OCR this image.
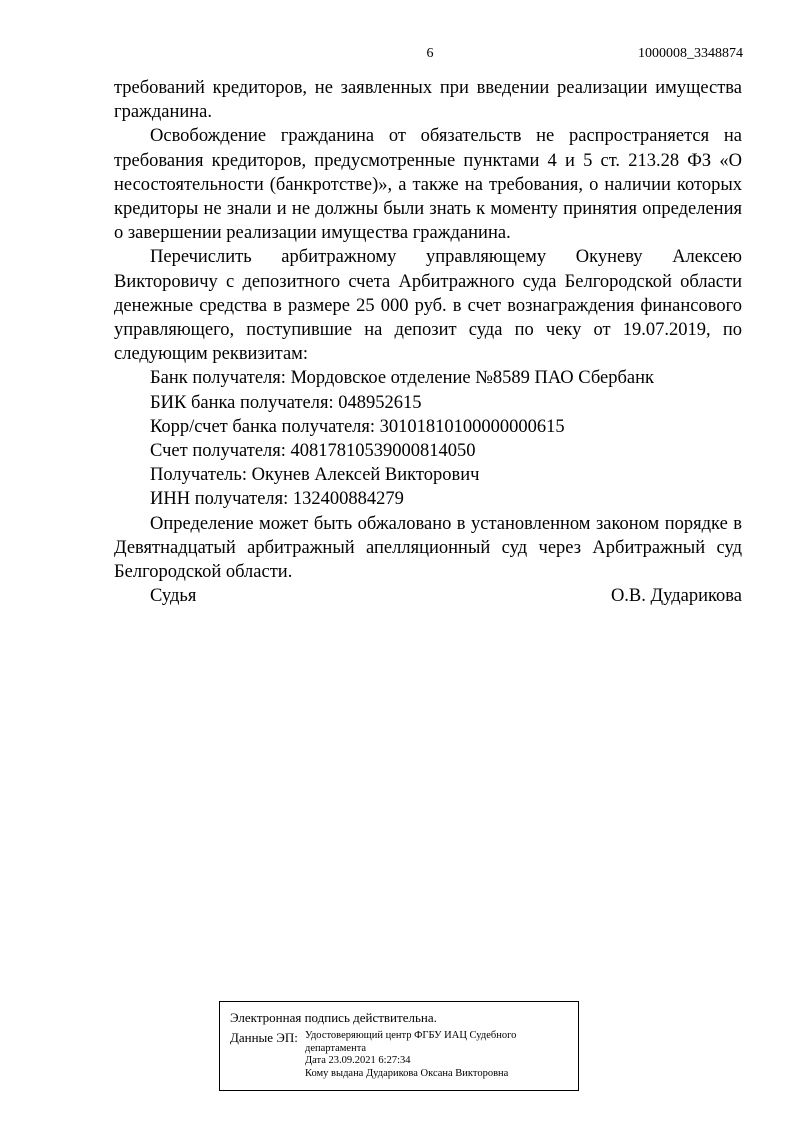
6	1000008_3348874

требований кредиторов, не заявленных при введении реализации имущества гражданина.

Освобождение гражданина от обязательств не распространяется на требования кредиторов, предусмотренные пунктами 4 и 5 ст. 213.28 ФЗ «О несостоятельности (банкротстве)», а также на требования, о наличии которых кредиторы не знали и не должны были знать к моменту принятия определения о завершении реализации имущества гражданина.

Перечислить арбитражному управляющему Окуневу Алексею Викторовичу с депозитного счета Арбитражного суда Белгородской области денежные средства в размере 25 000 руб. в счет вознаграждения финансового управляющего, поступившие на депозит суда по чеку от 19.07.2019, по следующим реквизитам:

Банк получателя: Мордовское отделение №8589 ПАО Сбербанк

БИК банка получателя: 048952615

Корр/счет банка получателя: 30101810100000000615

Счет получателя: 40817810539000814050

Получатель: Окунев Алексей Викторович

ИНН получателя: 132400884279

Определение может быть обжаловано в установленном законом порядке в Девятнадцатый арбитражный апелляционный суд через Арбитражный суд Белгородской области.

Судья	О.В. Дударикова
Электронная подпись действительна.
Данные ЭП: Удостоверяющий центр ФГБУ ИАЦ Судебного
департамента
Дата 23.09.2021 6:27:34
Кому выдана Дударикова Оксана Викторовна
